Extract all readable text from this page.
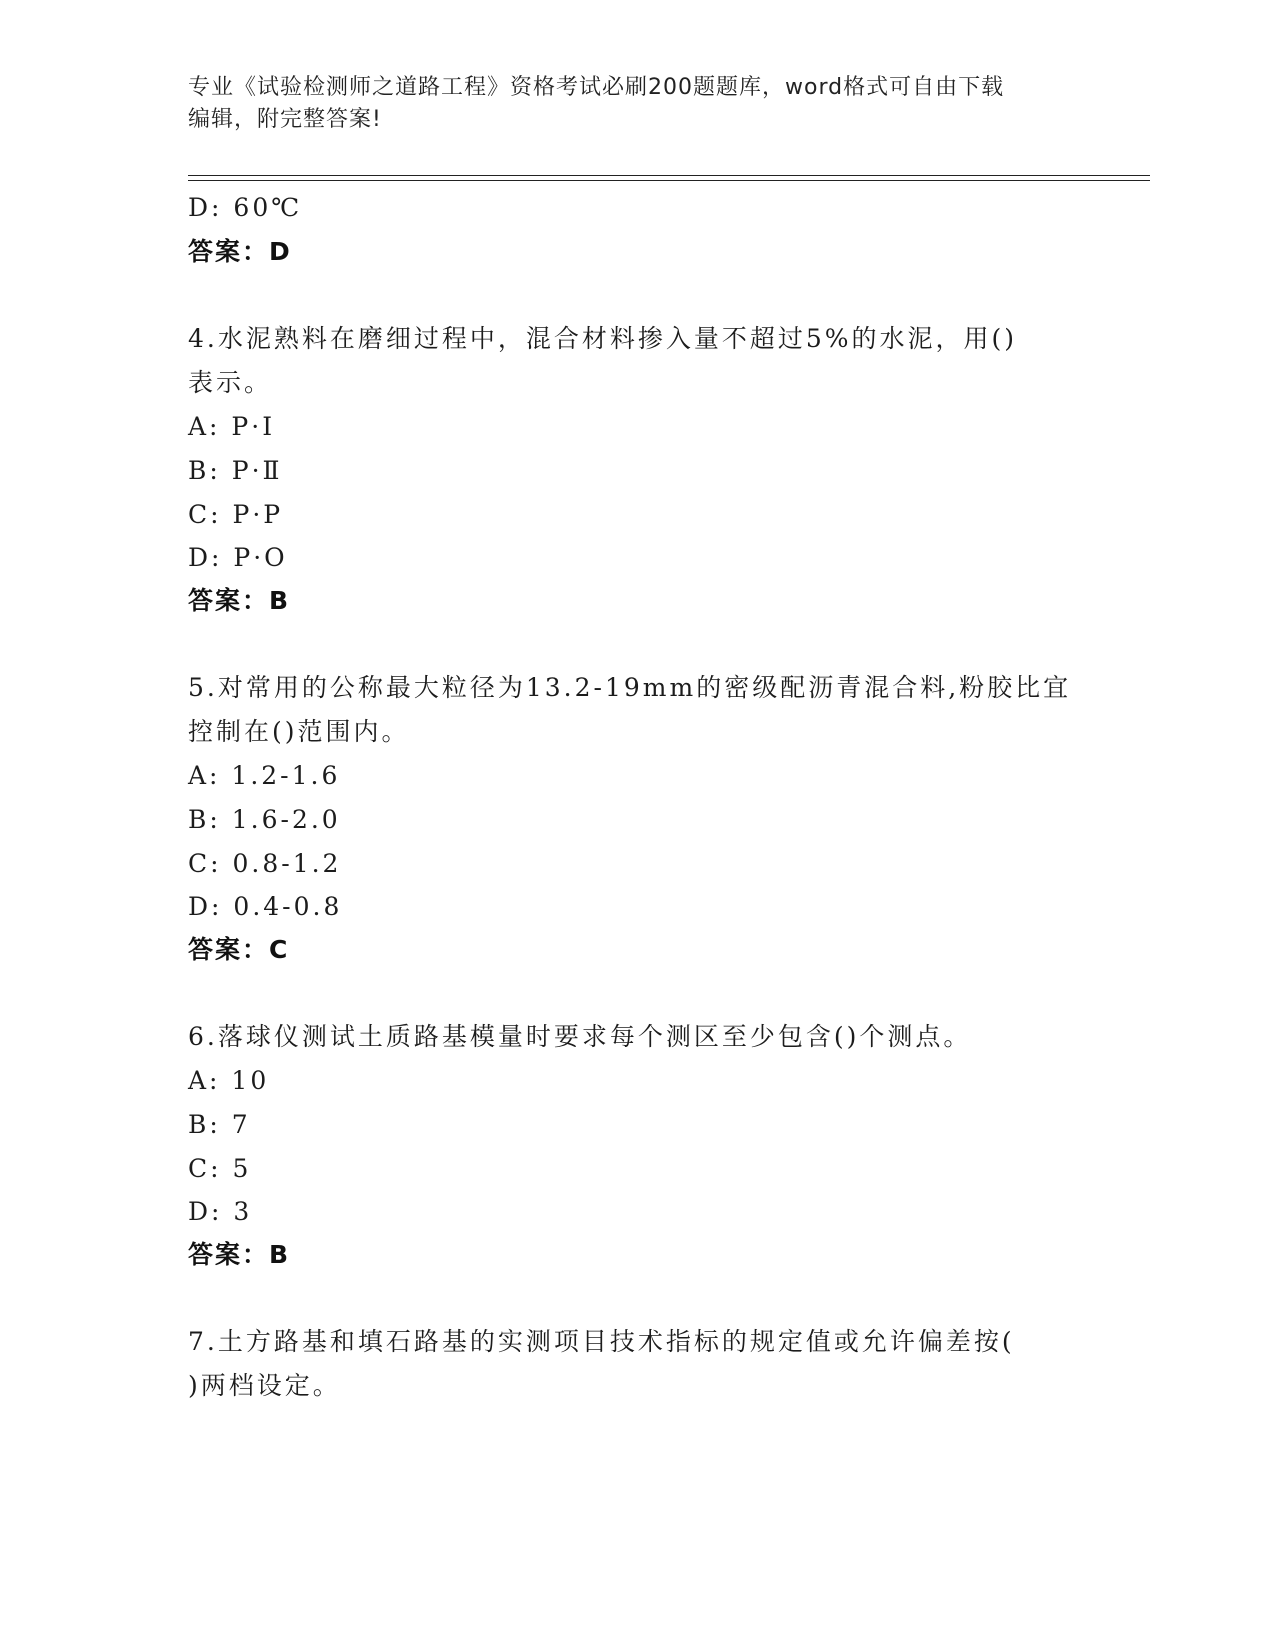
专业《试验检测师之道路工程》资格考试必刷200题题库，word格式可自由下载
编辑，附完整答案!
D: 60℃
答案：D
4.水泥熟料在磨细过程中，混合材料掺入量不超过5%的水泥，用()
表示。
A: P·Ⅰ
B: P·Ⅱ
C: P·P
D: P·O
答案：B
5.对常用的公称最大粒径为13.2-19mm的密级配沥青混合料,粉胶比宜
控制在()范围内。
A: 1.2-1.6
B: 1.6-2.0
C: 0.8-1.2
D: 0.4-0.8
答案：C
6.落球仪测试土质路基模量时要求每个测区至少包含()个测点。
A: 10
B: 7
C: 5
D: 3
答案：B
7.土方路基和填石路基的实测项目技术指标的规定值或允许偏差按(
)两档设定。
